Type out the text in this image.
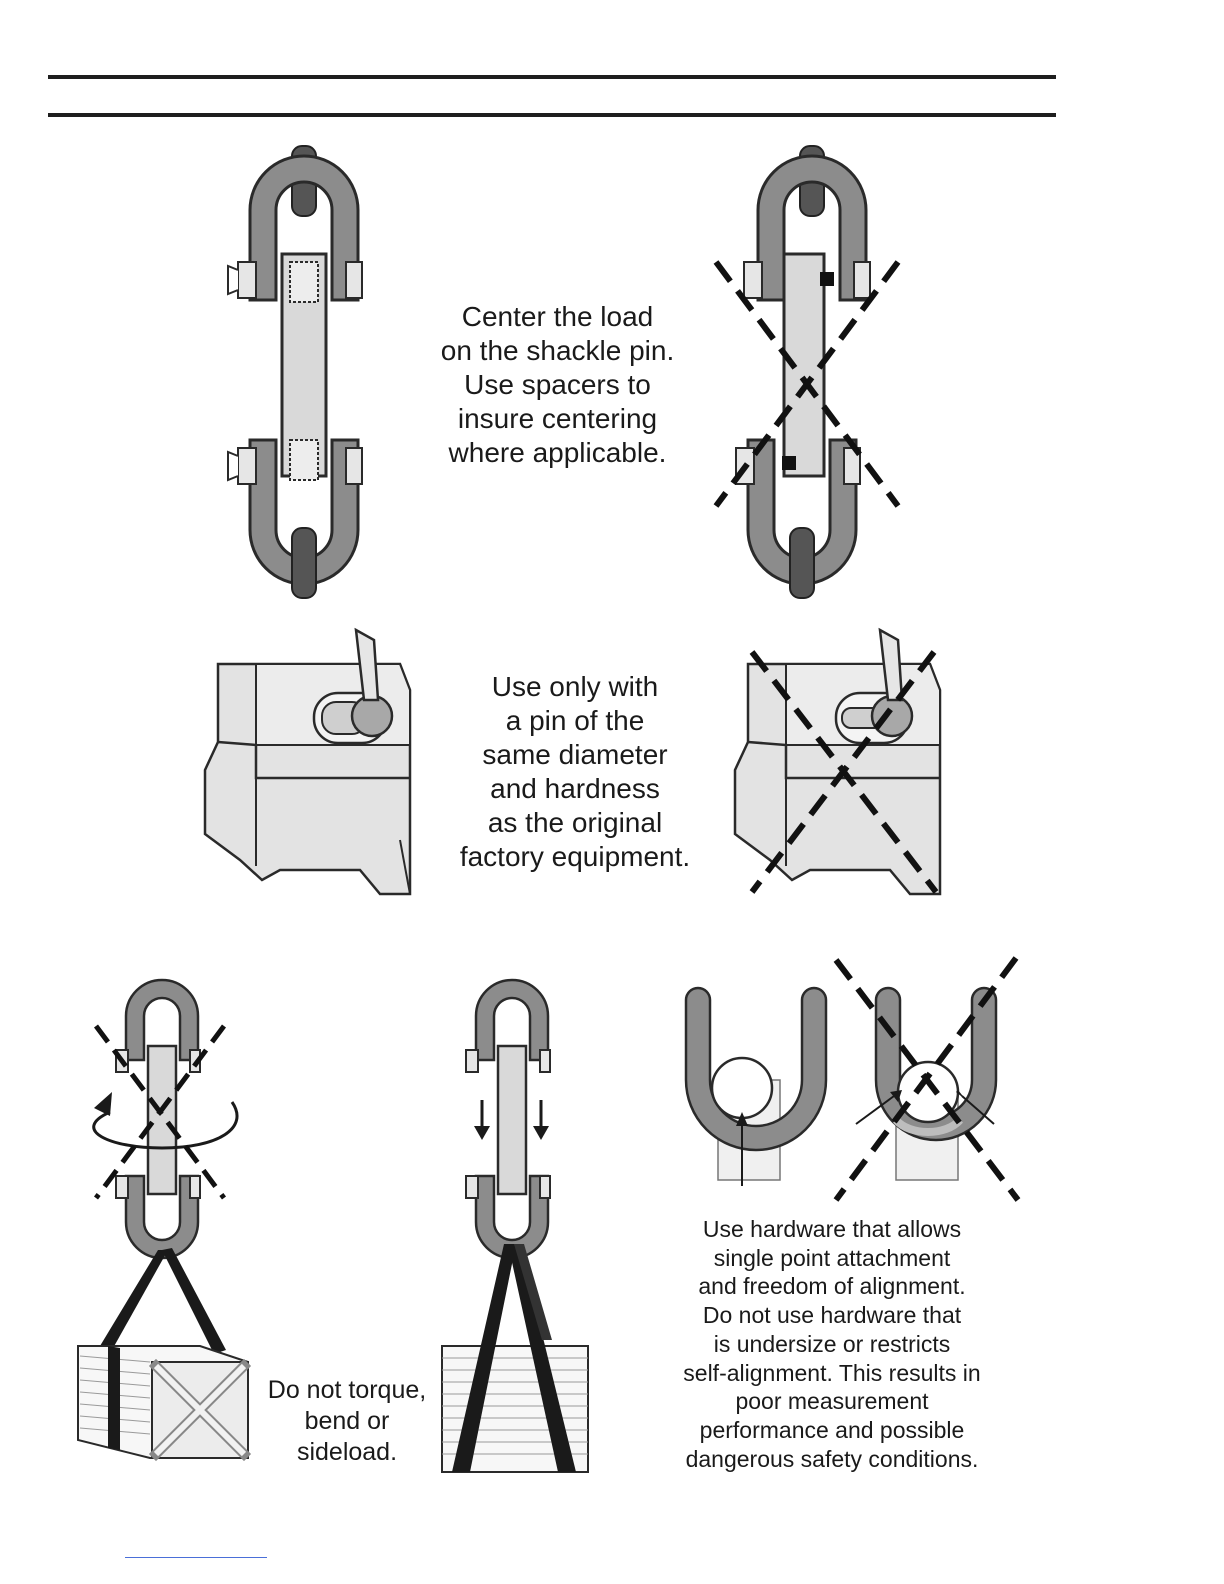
Center the load
on the shackle pin.
Use spacers to
insure centering
where applicable.
Use only with
a pin of the
same diameter
and hardness
as the original
factory equipment.
Do not torque,
bend or
sideload.
Use hardware that allows
single point attachment
and freedom of alignment.
Do not use hardware that
is undersize or restricts
self-alignment. This results in
poor measurement
performance and possible
dangerous safety conditions.
